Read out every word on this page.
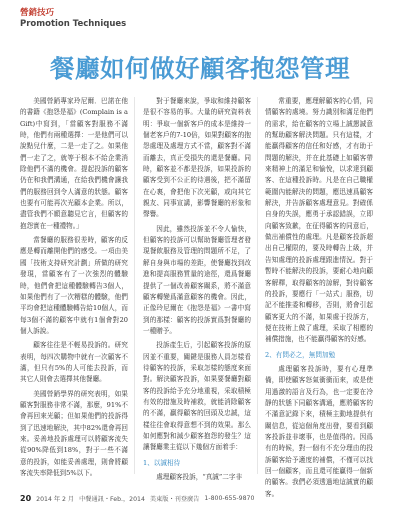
營銷技巧
Promotion Techniques
餐廳如何做好顧客抱怨管理

美國營銷專家玲尼爾．巴諾在他的書籍《抱怨是福》(Complain is a Gift)中寫到，「當顧客對服務不滿時，他們有兩種選擇：一是他們可以說點兒什麼，二是一走了之。如果他們一走了之，就等于根本不給企業消除他們不滿的機會。提起投訴的顧客仍在和我們溝通，在給我們機會讓我們的服務回到令人滿意的狀態。顧客也要有可能再次光顧本企業。所以，盡管我們不願意聽見它言，但顧客的抱怨實在一種禮物。」

當餐廳的服務很差時，顧客的反應是轉而離開他們的感受。一項由美國「技術支持研究計劃」所做的研究發現，當顧客有了一次強烈的體驗時，他們會把這種體驗轉告3個人，如果他們有了一次糟糕的體驗，他們平均會把這種體驗轉告給10個人，而每3個不滿的顧客中就有1個會對20個人訴說。

顧客往往是不輕易投訴的。研究表明，每四次購物中就有一次顧客不滿，但只有5%的人可能去投訴，而其它人則會去選擇其他餐廳。

美國營銷學界的研究表明，如果顧客對服務非常不滿，那麼，91%不會再回來光顧；但如果他們的投訴得到了迅速地解決，其中82%還會再回來。妥善地投訴處理可以將顧客流失從90%降低到18%，對于一些不滿意的投訴，如能妥善處理，則會將顧客流失率降低到5%以下。

對于餐廳來說，爭取和維持顧客是很不容易的事。大量的研究資料表明：爭取一個新客戶的成本是維持一個老客戶的7-10倍，如果對顧客的抱怨處理及處理方式不當，顧客對不滿而離去，真正受損失的還是餐廳。同時，顧客並不都是投訴，如果投訴的顧客受到不公正的待遇後，把不滿留在心裏，會把他下次光顧，或向其它親友、同事宣講，影響餐廳的形象和聲譽。

因此，雖然投訴並不令人愉快，但顧客的投訴可以幫助餐廳管理者發現餐飲服務及管理的問題所不足，了解自身與市場的差距，使餐廳找到改進和提高服務質量的途徑，還爲餐廳提供了一個改善顧客關系，將不滿意顧客轉變爲滿意顧客的機會。因此，正像玲尼爾在《抱怨是福》一書中寫到的那樣：顧客的投訴實爲對餐廳的一種贈予。

投訴產生后，引起顧客投訴的原因並不重要，關鍵是服務人員怎樣看待顧客的投訴，采取怎樣的態度來面對。解決顧客投訴，如果要餐廳對顧客的投訴給予充分地重視，采取積極有效的措施及時補救，就能消除顧客的不滿，贏得顧客的回頭及忠誠，這樣往往會取得意想不到的效果。那么如何應對和減少顧客抱怨的發生？這讓餐廳業主從以下幾個方面着手：

1、以誠相待

處理顧客投訴，“真誠”二字非

常重要，應理解顧客的心情，同情顧客的處境。努力識別和滿足他們的需求，給在顧客的立場上誠懇誠意的幫助顧客解決問題。只有這樣，才能贏得顧客的信任和好感，才有助于問題的解決，并在此基礎上如顧客帶來精神上的滿足和愉悅，以求達到顧客、在這種投訴時。凡是在自己職權範圍內能解決的問題，應迅速爲顧客解決，并告訴顧客處理意見。對確係自身的失誤，應勇于承認錯誤，立即向顧客致歉，在征得顧客的同意后，做出補償性的處理。凡是顧客投訴超出自己權限的，要及時轉告上級，并告知處理的投訴處理跟進情況。對于暫時不能解決的投訴，要耐心地向顧客解釋，取得顧客的諒解，對待顧客的投訴，要應行「一站式」服務，切記不能推委和轉移，否則，將會引起顧客更大的不滿，如果處于投訴方，便在技術上做了處理，采取了相應的補償措施，也不能贏得顧客的好感。

2、有問必之，無問加勉

處理顧客投訴時，要有心理準備，即使顧客怒氣衝衝而來，或是使用過激的語言及行為，也一定要在冷靜的狀態下同顧客溝通，應將顧客的不滿意記錄下來，積極主動地提供有關信息，從這個角度出發，要看到顧客投訴並非壞事，也是值得的。因爲有的時候，對一個有不充分理由的投訴顧客給予適度的補償，不僅可以找回一個顧客，而且還可能贏得一個新的顧客。我們必須透過地這誠實的顧客。

20 2014 年 2 月 中餐通訊・Feb.，2014 美東版・刊登廣告 1-800-655-9870
